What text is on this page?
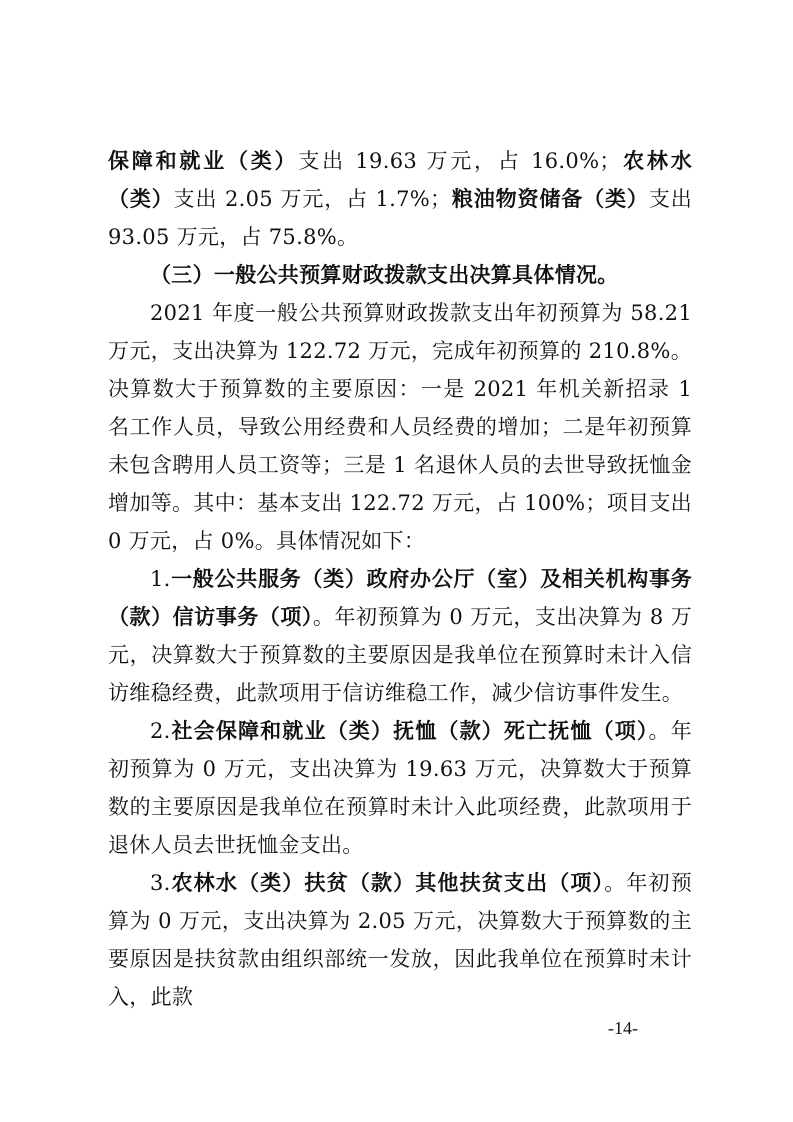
保障和就业（类）支出 19.63 万元，占 16.0%；农林水（类）支出 2.05 万元，占 1.7%；粮油物资储备（类）支出 93.05 万元，占 75.8%。

（三）一般公共预算财政拨款支出决算具体情况。

2021 年度一般公共预算财政拨款支出年初预算为 58.21 万元，支出决算为 122.72 万元，完成年初预算的 210.8%。决算数大于预算数的主要原因：一是 2021 年机关新招录 1 名工作人员，导致公用经费和人员经费的增加；二是年初预算未包含聘用人员工资等；三是 1 名退休人员的去世导致抚恤金增加等。其中：基本支出 122.72 万元，占 100%；项目支出 0 万元，占 0%。具体情况如下：

1.一般公共服务（类）政府办公厅（室）及相关机构事务（款）信访事务（项）。年初预算为 0 万元，支出决算为 8 万元，决算数大于预算数的主要原因是我单位在预算时未计入信访维稳经费，此款项用于信访维稳工作，减少信访事件发生。

2.社会保障和就业（类）抚恤（款）死亡抚恤（项）。年初预算为 0 万元，支出决算为 19.63 万元，决算数大于预算数的主要原因是我单位在预算时未计入此项经费，此款项用于退休人员去世抚恤金支出。

3.农林水（类）扶贫（款）其他扶贫支出（项）。年初预算为 0 万元，支出决算为 2.05 万元，决算数大于预算数的主要原因是扶贫款由组织部统一发放，因此我单位在预算时未计入，此款

-14-
